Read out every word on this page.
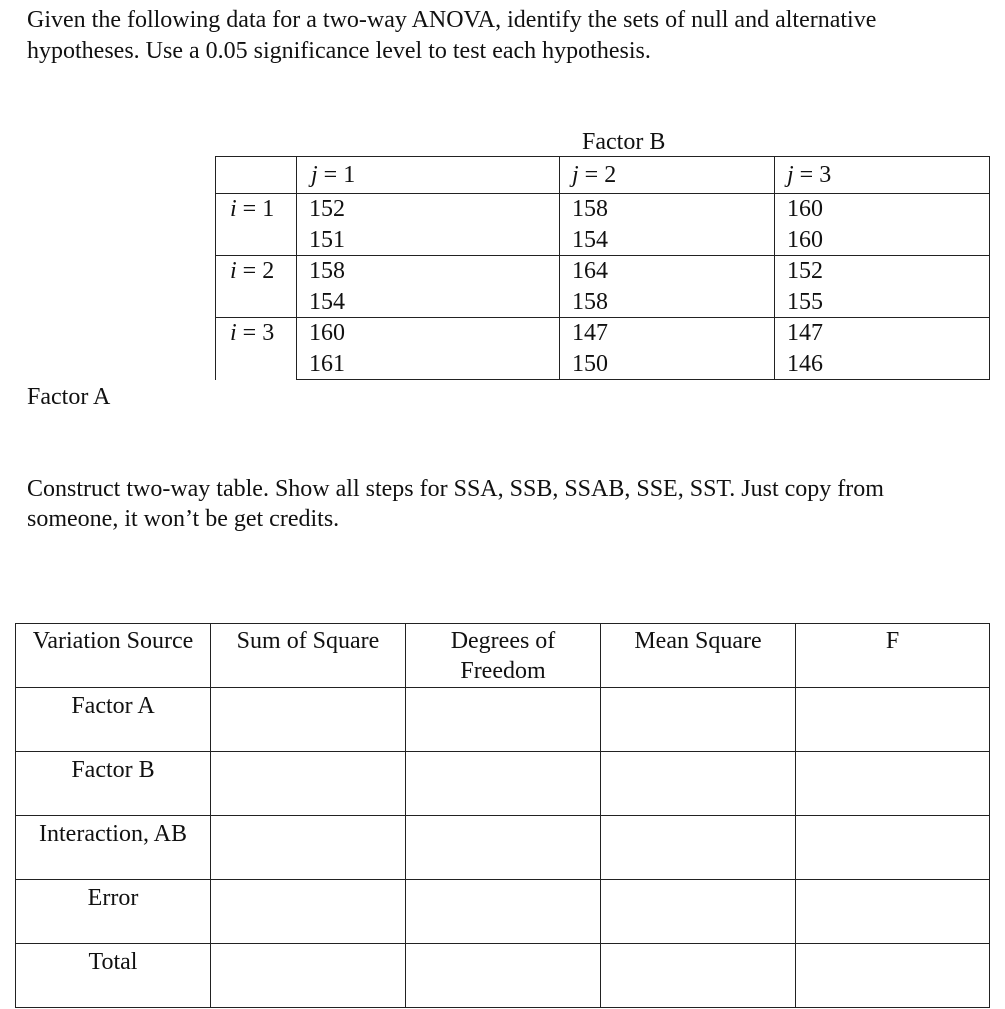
Given the following data for a two-way ANOVA, identify the sets of null and alternative hypotheses. Use a 0.05 significance level to test each hypothesis.
Factor B
	j = 1	j = 2	j = 3
i = 1	152	158	160
	151	154	160
i = 2	158	164	152
	154	158	155
i = 3	160	147	147
	161	150	146
Factor A
Construct two-way table. Show all steps for SSA, SSB, SSAB, SSE, SST. Just copy from someone, it won’t be get credits.
Variation Source	Sum of Square	Degrees of Freedom	Mean Square	F
Factor A				
Factor B				
Interaction, AB				
Error				
Total				
